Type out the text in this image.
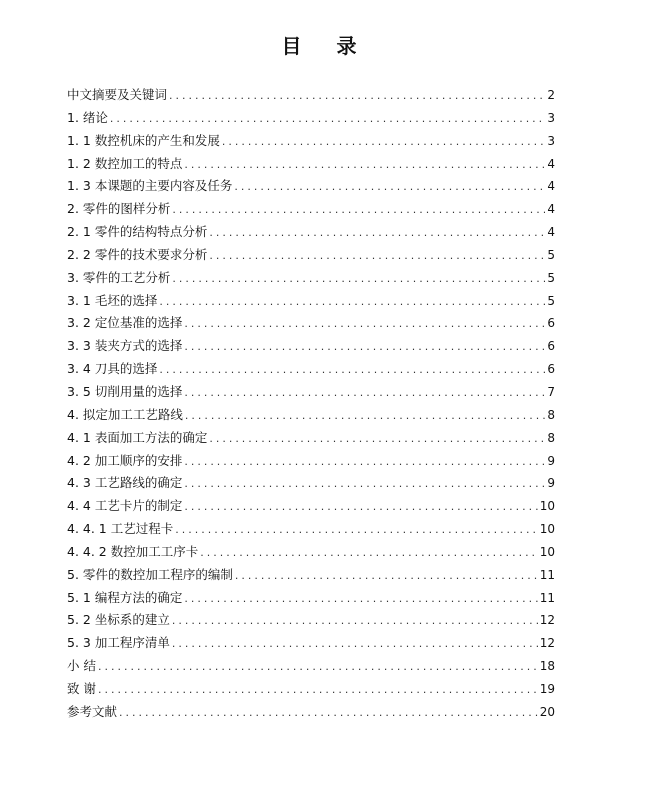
目 录
中文摘要及关键词 .....	2
1. 绪论 .....	3
1. 1 数控机床的产生和发展 .....	3
1. 2 数控加工的特点 .....	4
1. 3 本课题的主要内容及任务 .....	4
2. 零件的图样分析 .....	4
2. 1 零件的结构特点分析 .....	4
2. 2 零件的技术要求分析 .....	5
3. 零件的工艺分析 .....	5
3. 1 毛坯的选择 .....	5
3. 2 定位基准的选择 .....	6
3. 3 装夹方式的选择 .....	6
3. 4 刀具的选择 .....	6
3. 5 切削用量的选择 .....	7
4. 拟定加工工艺路线 .....	8
4. 1 表面加工方法的确定 .....	8
4. 2 加工顺序的安排 .....	9
4. 3 工艺路线的确定 .....	9
4. 4 工艺卡片的制定 .....	10
4. 4. 1 工艺过程卡 .....	10
4. 4. 2 数控加工工序卡 .....	10
5. 零件的数控加工程序的编制 .....	11
5. 1 编程方法的确定 .....	11
5. 2 坐标系的建立 .....	12
5. 3 加工程序清单 .....	12
小 结 .....	18
致 谢 .....	19
参考文献 .....	20
